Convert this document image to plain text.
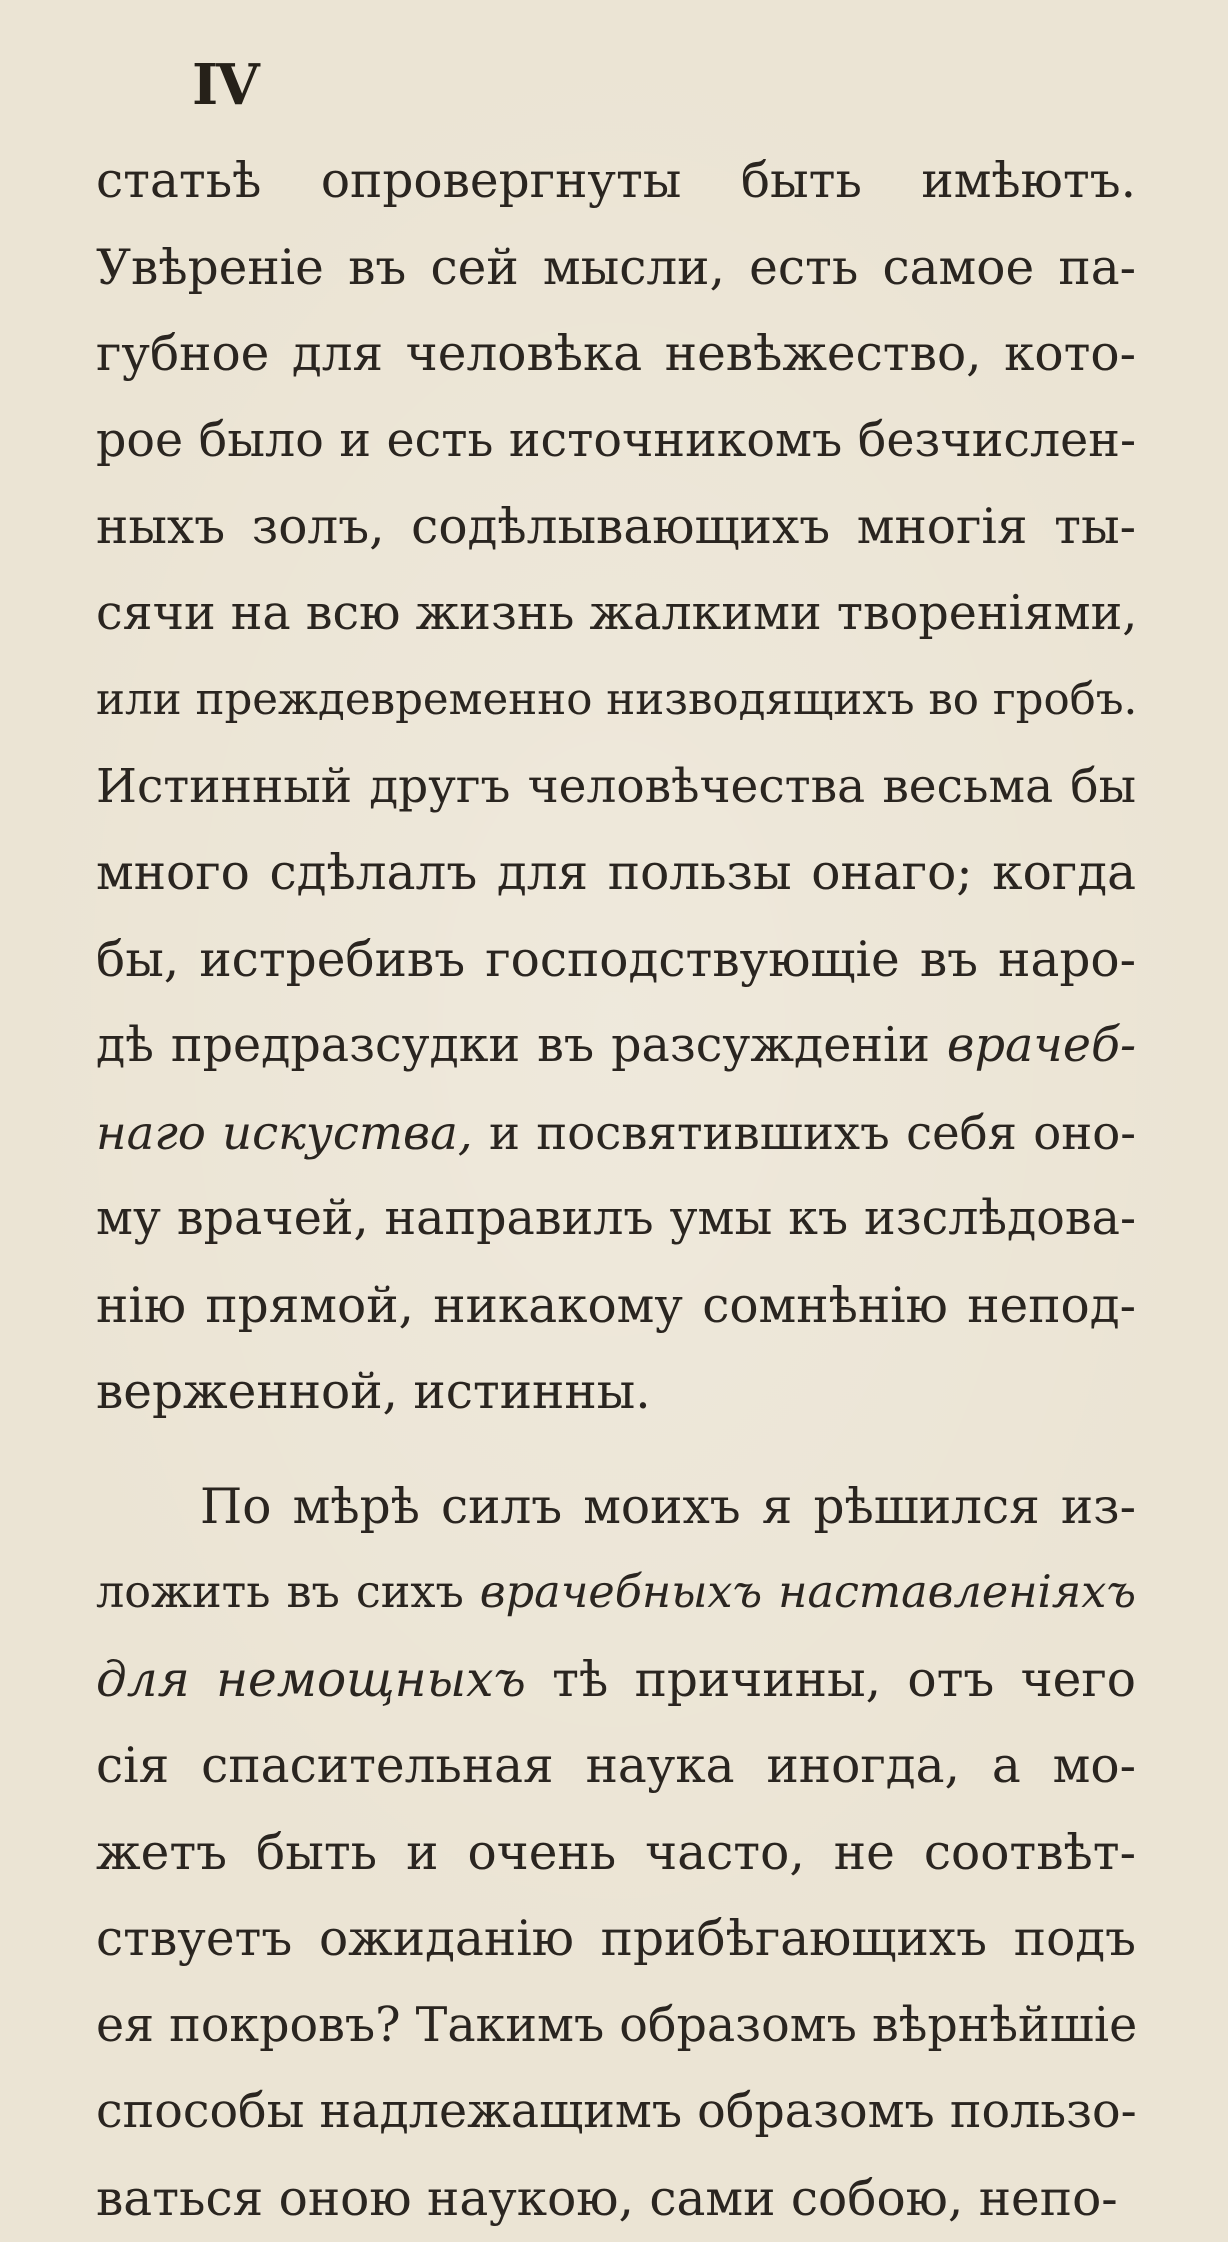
IV
статьѣ опровергнуты быть имѣютъ.
Увѣреніе въ сей мысли, есть самое па-
губное для человѣка невѣжество, кото-
рое было и есть источникомъ безчислен-
ныхъ золъ, содѣлывающихъ многія ты-
сячи на всю жизнь жалкими твореніями,
или преждевременно низводящихъ во гробъ.
Истинный другъ человѣчества весьма бы
много сдѣлалъ для пользы онаго; когда
бы, истребивъ господствующіе въ наро-
дѣ предразсудки въ разсужденіи врачеб-
наго искуства, и посвятившихъ себя оно-
му врачей, направилъ умы къ изслѣдова-
нію прямой, никакому сомнѣнію непод-
верженной, истинны.
По мѣрѣ силъ моихъ я рѣшился из-
ложить въ сихъ врачебныхъ наставленіяхъ
для немощныхъ тѣ причины, отъ чего
сія спасительная наука иногда, а мо-
жетъ быть и очень часто, не соотвѣт-
ствуетъ ожиданію прибѣгающихъ подъ
ея покровъ? Такимъ образомъ вѣрнѣйшіе
способы надлежащимъ образомъ пользо-
ваться оною наукою, сами собою, непо-
